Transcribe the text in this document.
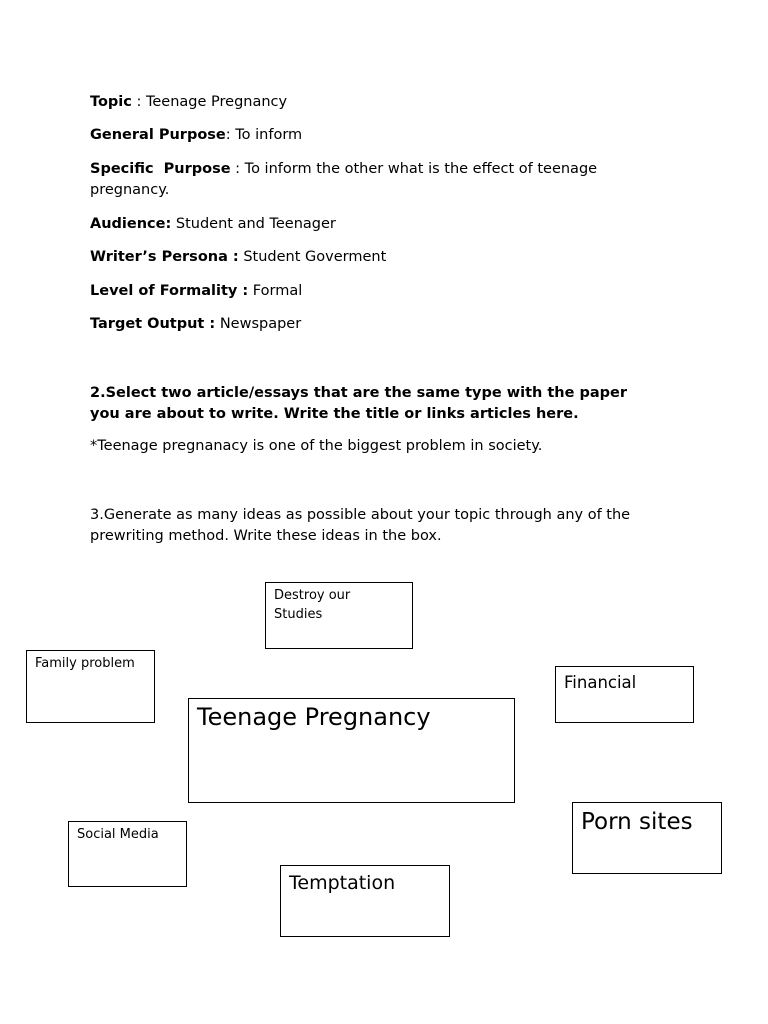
Topic : Teenage Pregnancy

General Purpose: To inform

Specific  Purpose : To inform the other what is the effect of teenage pregnancy.

Audience: Student and Teenager

Writer’s Persona : Student Goverment

Level of Formality : Formal

Target Output : Newspaper

2.Select two article/essays that are the same type with the paper you are about to write. Write the title or links articles here.

*Teenage pregnanacy is one of the biggest problem in society.

3.Generate as many ideas as possible about your topic through any of the prewriting method. Write these ideas in the box.

Destroy our Studies
Family problem
Financial
Teenage Pregnancy
Porn sites
Social Media
Temptation
